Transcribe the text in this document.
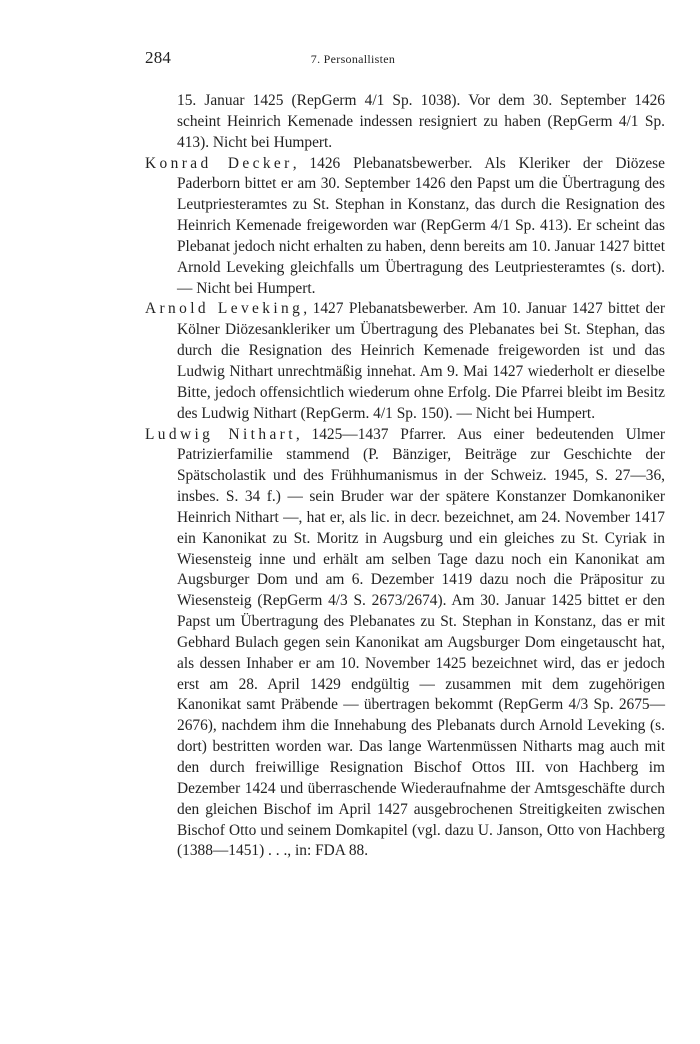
284	7. Personallisten

15. Januar 1425 (RepGerm 4/1 Sp. 1038). Vor dem 30. September 1426 scheint Heinrich Kemenade indessen resigniert zu haben (RepGerm 4/1 Sp. 413). Nicht bei Humpert.

Konrad Decker, 1426 Plebanatsbewerber. Als Kleriker der Diözese Paderborn bittet er am 30. September 1426 den Papst um die Übertragung des Leutpriesteramtes zu St. Stephan in Konstanz, das durch die Resignation des Heinrich Kemenade freigeworden war (RepGerm 4/1 Sp. 413). Er scheint das Plebanat jedoch nicht erhalten zu haben, denn bereits am 10. Januar 1427 bittet Arnold Leveking gleichfalls um Übertragung des Leutpriesteramtes (s. dort). — Nicht bei Humpert.

Arnold Leveking, 1427 Plebanatsbewerber. Am 10. Januar 1427 bittet der Kölner Diözesankleriker um Übertragung des Plebanates bei St. Stephan, das durch die Resignation des Heinrich Kemenade freigeworden ist und das Ludwig Nithart unrechtmäßig innehat. Am 9. Mai 1427 wiederholt er dieselbe Bitte, jedoch offensichtlich wiederum ohne Erfolg. Die Pfarrei bleibt im Besitz des Ludwig Nithart (RepGerm. 4/1 Sp. 150). — Nicht bei Humpert.

Ludwig Nithart, 1425—1437 Pfarrer. Aus einer bedeutenden Ulmer Patrizierfamilie stammend (P. Bänziger, Beiträge zur Geschichte der Spätscholastik und des Frühhumanismus in der Schweiz. 1945, S. 27—36, insbes. S. 34 f.) — sein Bruder war der spätere Konstanzer Domkanoniker Heinrich Nithart —, hat er, als lic. in decr. bezeichnet, am 24. November 1417 ein Kanonikat zu St. Moritz in Augsburg und ein gleiches zu St. Cyriak in Wiesensteig inne und erhält am selben Tage dazu noch ein Kanonikat am Augsburger Dom und am 6. Dezember 1419 dazu noch die Präpositur zu Wiesensteig (RepGerm 4/3 S. 2673/2674). Am 30. Januar 1425 bittet er den Papst um Übertragung des Plebanates zu St. Stephan in Konstanz, das er mit Gebhard Bulach gegen sein Kanonikat am Augsburger Dom eingetauscht hat, als dessen Inhaber er am 10. November 1425 bezeichnet wird, das er jedoch erst am 28. April 1429 endgültig — zusammen mit dem zugehörigen Kanonikat samt Präbende — übertragen bekommt (RepGerm 4/3 Sp. 2675—2676), nachdem ihm die Innehabung des Plebanats durch Arnold Leveking (s. dort) bestritten worden war. Das lange Wartenmüssen Nitharts mag auch mit den durch freiwillige Resignation Bischof Ottos III. von Hachberg im Dezember 1424 und überraschende Wiederaufnahme der Amtsgeschäfte durch den gleichen Bischof im April 1427 ausgebrochenen Streitigkeiten zwischen Bischof Otto und seinem Domkapitel (vgl. dazu U. Janson, Otto von Hachberg (1388—1451) . . ., in: FDA 88.
